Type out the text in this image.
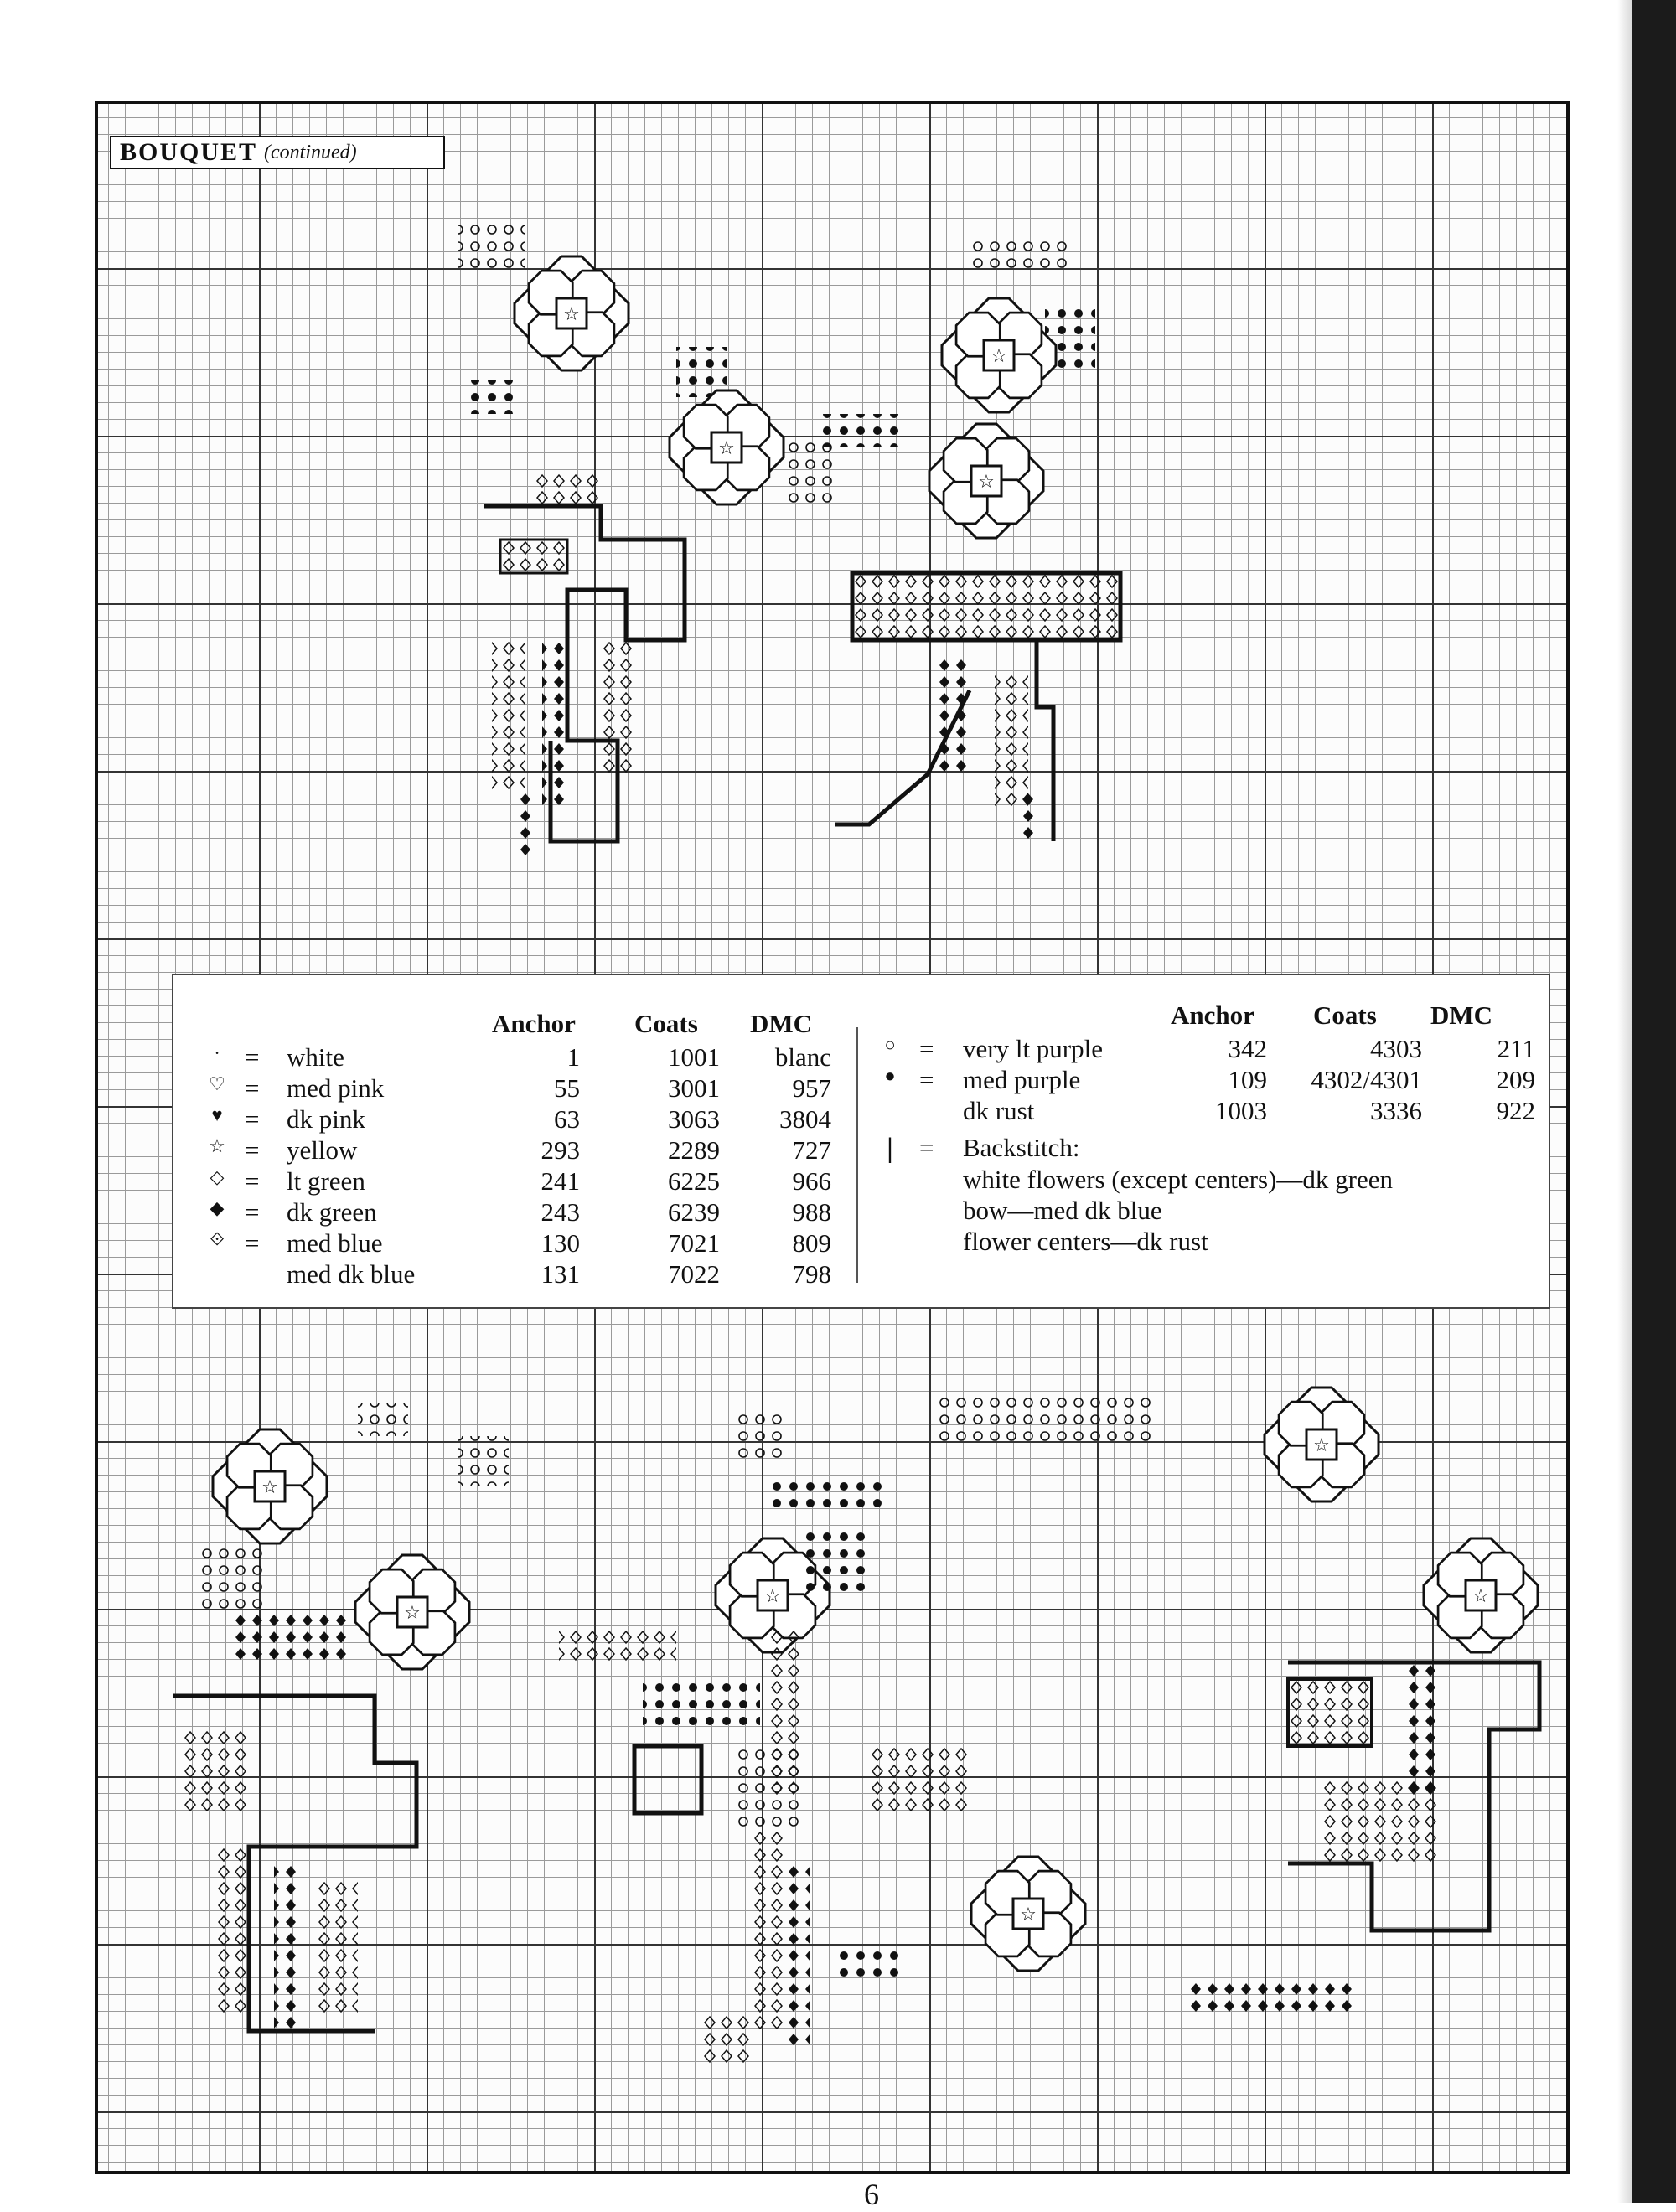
BOUQUET (continued)
☆
Anchor Coats DMC
· = white	1	1001	blanc
♡ = med pink	55	3001	957
♥ = dk pink	63	3063	3804
☆ = yellow	293	2289	727
◇ = lt green	241	6225	966
◆ = dk green	243	6239	988
⟐ = med blue	130	7021	809
med dk blue	131	7022	798
Anchor Coats DMC
○ = very lt purple	342	4303	211
● = med purple	109	4302/4301	209
dk rust	1003	3336	922
|	= Backstitch:
white flowers (except centers)—dk green
bow—med dk blue
flower centers—dk rust
6
